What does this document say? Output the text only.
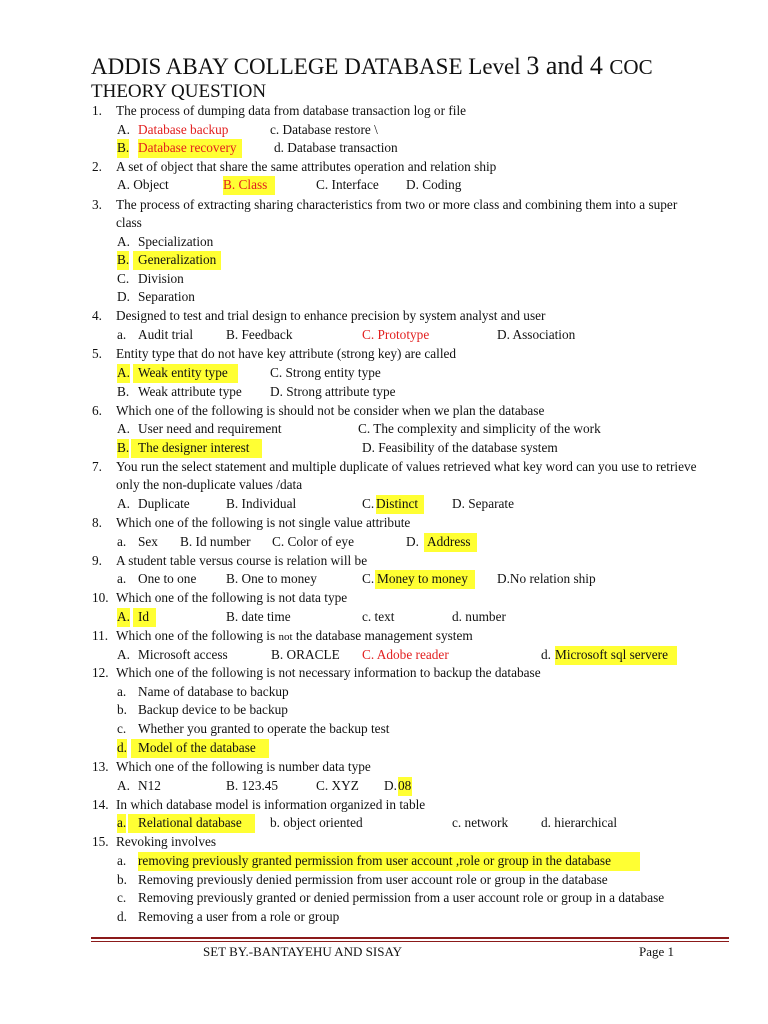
ADDIS ABAY COLLEGE DATABASE Level 3 and 4 COC
THEORY QUESTION
1. The process of dumping data from database transaction log or file
A. Database backup	c. Database restore \
B. Database recovery	d. Database transaction
2. A set of object that share the same attributes operation and relation ship
A. Object	B. Class	C. Interface D. Coding
3. The process of extracting sharing characteristics from two or more class and combining them into a super
class
A. Specialization
B. Generalization
C. Division
D. Separation
4. Designed to test and trial design to enhance precision by system analyst and user
a. Audit trial B. Feedback	C. Prototype	D. Association
5. Entity type that do not have key attribute (strong key) are called
A. Weak entity type	C. Strong entity type
B. Weak attribute type D. Strong attribute type
6. Which one of the following is should not be consider when we plan the database
A. User need and requirement	C. The complexity and simplicity of the work
B. The designer interest	D. Feasibility of the database system
7. You run the select statement and multiple duplicate of values retrieved what key word can you use to retrieve
only the non-duplicate values /data
A. Duplicate	B. Individual	C. Distinct	D. Separate
8. Which one of the following is not single value attribute
a. Sex B. Id number C. Color of eye	D. Address
9. A student table versus course is relation will be
a. One to one B. One to money	C. Money to money	D.No relation ship
10. Which one of the following is not data type
A. Id	B. date time	c. text	d. number
11. Which one of the following is not the database management system
A. Microsoft access	B. ORACLE C. Adobe reader	d. Microsoft sql servere
12. Which one of the following is not necessary information to backup the database
a. Name of database to backup
b. Backup device to be backup
c. Whether you granted to operate the backup test
d. Model of the database
13. Which one of the following is number data type
A. N12	B. 123.45	C. XYZ D. 08
14. In which database model is information organized in table
a. Relational database	b. object oriented	c. network d. hierarchical
15. Revoking involves
a. removing previously granted permission from user account ,role or group in the database
b. Removing previously denied permission from user account role or group in the database
c. Removing previously granted or denied permission from a user account role or group in a database
d. Removing a user from a role or group
SET BY.-BANTAYEHU AND SISAY	Page 1
